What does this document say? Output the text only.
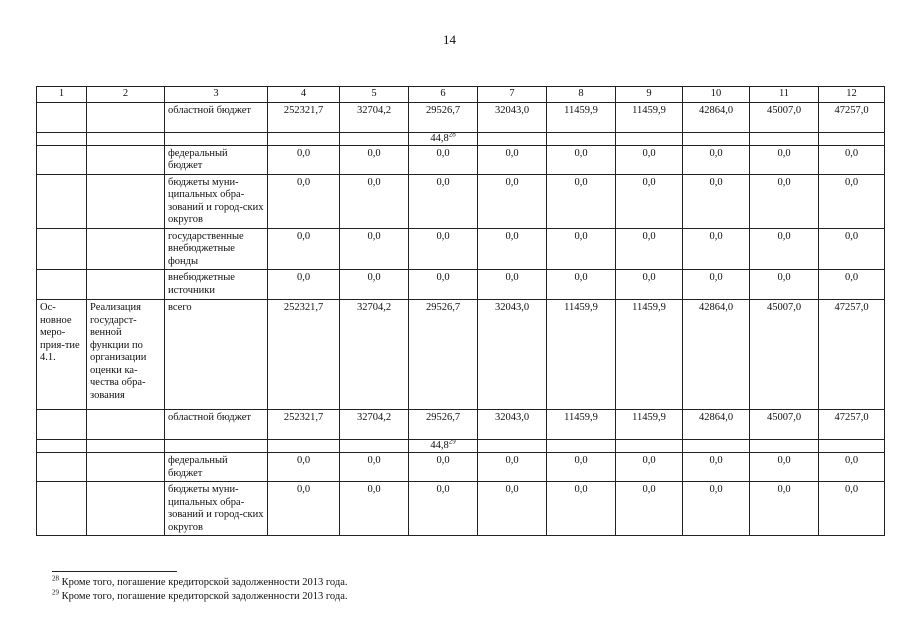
14
1	2	3	4	5	6	7	8	9	10	11	12
		областной бюджет	252321,7	32704,2	29526,7	32043,0	11459,9	11459,9	42864,0	45007,0	47257,0
					44,8$^{28}$						
		федеральный бюджет	0,0	0,0	0,0	0,0	0,0	0,0	0,0	0,0	0,0
		бюджеты муни-ципальных обра-зований и город-ских округов	0,0	0,0	0,0	0,0	0,0	0,0	0,0	0,0	0,0
		государственные внебюджетные фонды	0,0	0,0	0,0	0,0	0,0	0,0	0,0	0,0	0,0
		внебюджетные источники	0,0	0,0	0,0	0,0	0,0	0,0	0,0	0,0	0,0
Ос-новное меро-прия-тие 4.1.	Реализация государст-венной функции по организации оценки ка-чества обра-зования	всего	252321,7	32704,2	29526,7	32043,0	11459,9	11459,9	42864,0	45007,0	47257,0
		областной бюджет	252321,7	32704,2	29526,7	32043,0	11459,9	11459,9	42864,0	45007,0	47257,0
					44,8$^{29}$						
		федеральный бюджет	0,0	0,0	0,0	0,0	0,0	0,0	0,0	0,0	0,0
		бюджеты муни-ципальных обра-зований и город-ских округов	0,0	0,0	0,0	0,0	0,0	0,0	0,0	0,0	0,0
$^{28}$ Кроме того, погашение кредиторской задолженности 2013 года.
$^{29}$ Кроме того, погашение кредиторской задолженности 2013 года.
